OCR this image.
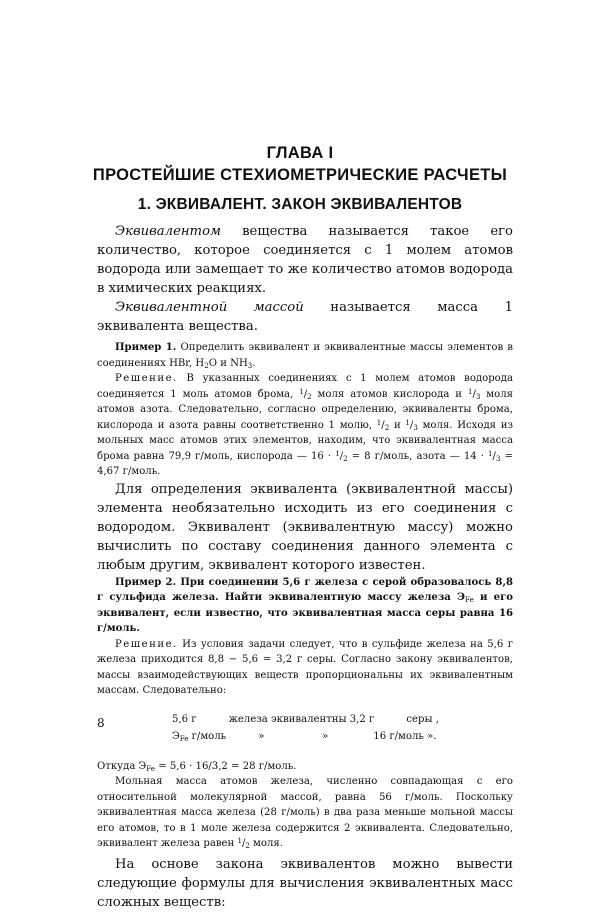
ГЛАВА I
ПРОСТЕЙШИЕ СТЕХИОМЕТРИЧЕСКИЕ РАСЧЕТЫ
1. ЭКВИВАЛЕНТ. ЗАКОН ЭКВИВАЛЕНТОВ

Эквивалентом вещества называется такое его количество, которое соединяется с 1 молем атомов водорода или замещает то же количество атомов водорода в химических реакциях.

Эквивалентной массой называется масса 1 эквивалента вещества.

Пример 1. Определить эквивалент и эквивалентные массы элементов в соединениях HBr, $H_2O$ и $NH_3$.

Решение. В указанных соединениях с 1 молем атомов водорода соединяется 1 моль атомов брома, $^1/_2$ моля атомов кислорода и $^1/_3$ моля атомов азота. Следовательно, согласно определению, эквиваленты брома, кислорода и азота равны соответственно 1 молю, $^1/_2$ и $^1/_3$ моля. Исходя из мольных масс атомов этих элементов, находим, что эквивалентная масса брома равна 79,9 г/моль, кислорода — $16 \cdot ^1/_2 = 8$ г/моль, азота — $14 \cdot ^1/_3 = 4,67$ г/моль.

Для определения эквивалента (эквивалентной массы) элемента необязательно исходить из его соединения с водородом. Эквивалент (эквивалентную массу) можно вычислить по составу соединения данного элемента с любым другим, эквивалент которого известен.

Пример 2. При соединении 5,6 г железа с серой образовалось 8,8 г сульфида железа. Найти эквивалентную массу железа $Э_{Fe}$ и его эквивалент, если известно, что эквивалентная масса серы равна 16 г/моль.

Решение. Из условия задачи следует, что в сульфиде железа на 5,6 г железа приходится 8,8 − 5,6 = 3,2 г серы. Согласно закону эквивалентов, массы взаимодействующих веществ пропорциональны их эквивалентным массам. Следовательно:

5,6 г          железа эквивалентны 3,2 г          серы ,
$Э_{Fe}$ г/моль          »                  »              16 г/моль ».

Откуда $Э_{Fe} = 5,6 \cdot 16/3,2 = 28$ г/моль.

Мольная масса атомов железа, численно совпадающая с его относительной молекулярной массой, равна 56 г/моль. Поскольку эквивалентная масса железа (28 г/моль) в два раза меньше мольной массы его атомов, то в 1 моле железа содержится 2 эквивалента. Следовательно, эквивалент железа равен $^1/_2$ моля.

На основе закона эквивалентов можно вывести следующие формулы для вычисления эквивалентных масс сложных веществ:

8
